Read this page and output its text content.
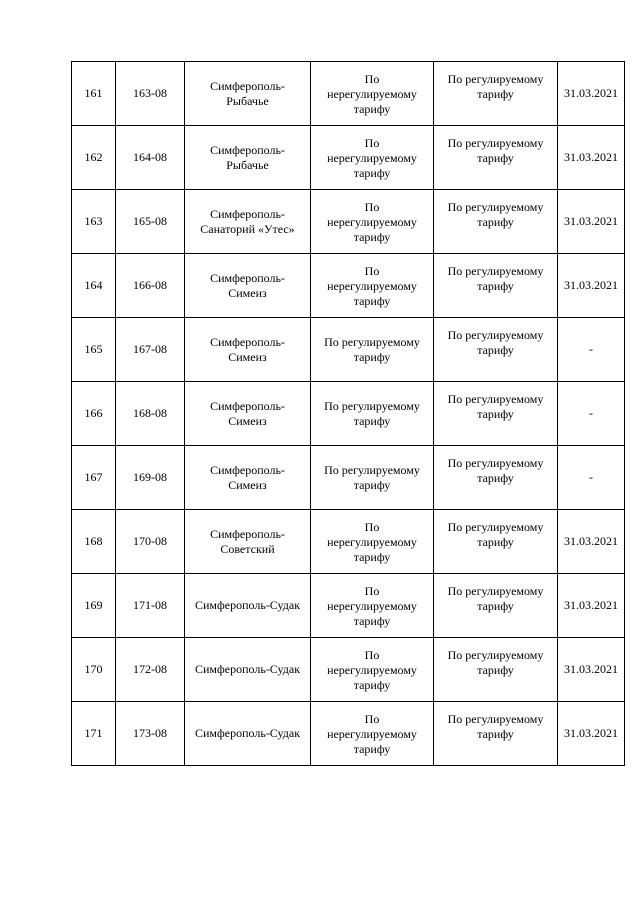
161	163-08	Симферополь-
Рыбачье	По
нерегулируемому
тарифу	По регулируемому
тарифу	31.03.2021
162	164-08	Симферополь-
Рыбачье	По
нерегулируемому
тарифу	По регулируемому
тарифу	31.03.2021
163	165-08	Симферополь-
Санаторий «Утес»	По
нерегулируемому
тарифу	По регулируемому
тарифу	31.03.2021
164	166-08	Симферополь-
Симеиз	По
нерегулируемому
тарифу	По регулируемому
тарифу	31.03.2021
165	167-08	Симферополь-
Симеиз	По регулируемому
тарифу	По регулируемому
тарифу	-
166	168-08	Симферополь-
Симеиз	По регулируемому
тарифу	По регулируемому
тарифу	-
167	169-08	Симферополь-
Симеиз	По регулируемому
тарифу	По регулируемому
тарифу	-
168	170-08	Симферополь-
Советский	По
нерегулируемому
тарифу	По регулируемому
тарифу	31.03.2021
169	171-08	Симферополь-Судак	По
нерегулируемому
тарифу	По регулируемому
тарифу	31.03.2021
170	172-08	Симферополь-Судак	По
нерегулируемому
тарифу	По регулируемому
тарифу	31.03.2021
171	173-08	Симферополь-Судак	По
нерегулируемому
тарифу	По регулируемому
тарифу	31.03.2021
